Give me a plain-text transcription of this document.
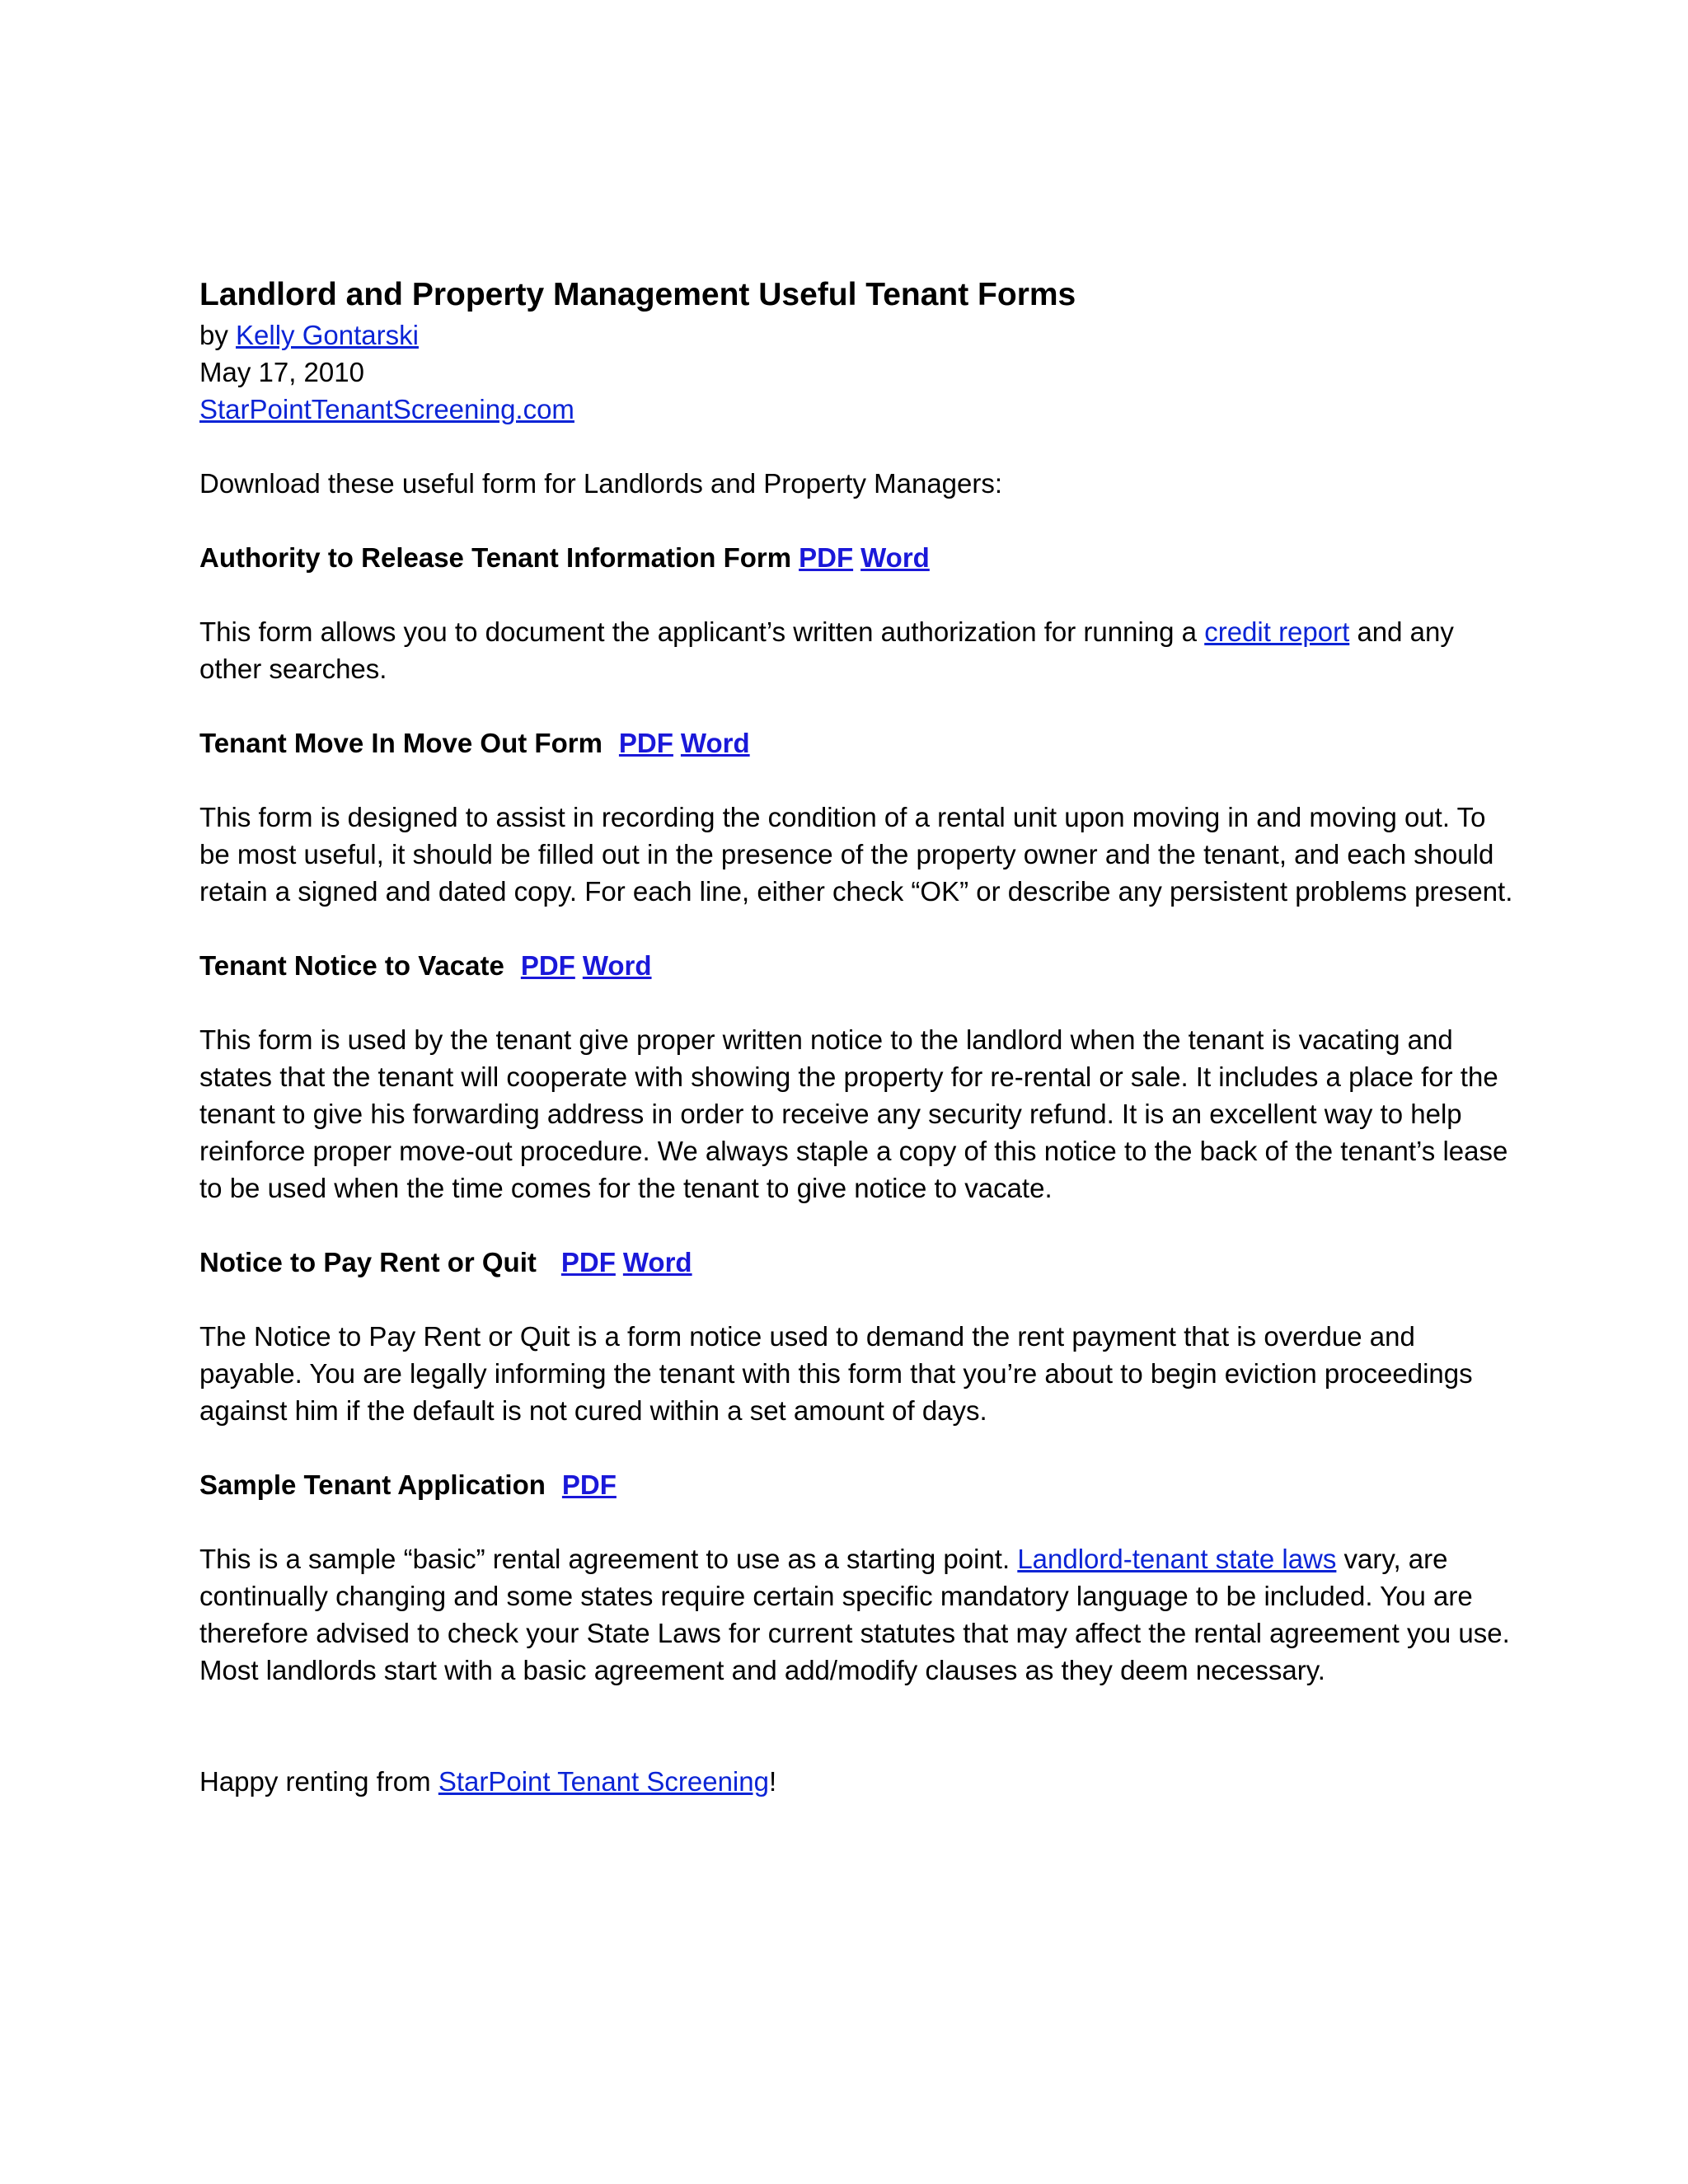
Landlord and Property Management Useful Tenant Forms

by Kelly Gontarski

May 17, 2010

StarPointTenantScreening.com

Download these useful form for Landlords and Property Managers:

Authority to Release Tenant Information Form PDF Word

This form allows you to document the applicant’s written authorization for running a credit report and any other searches.

Tenant Move In Move Out Form PDF Word

This form is designed to assist in recording the condition of a rental unit upon moving in and moving out. To be most useful, it should be filled out in the presence of the property owner and the tenant, and each should retain a signed and dated copy. For each line, either check “OK” or describe any persistent problems present.

Tenant Notice to Vacate PDF Word

This form is used by the tenant give proper written notice to the landlord when the tenant is vacating and states that the tenant will cooperate with showing the property for re-rental or sale. It includes a place for the tenant to give his forwarding address in order to receive any security refund. It is an excellent way to help reinforce proper move-out procedure. We always staple a copy of this notice to the back of the tenant’s lease to be used when the time comes for the tenant to give notice to vacate.

Notice to Pay Rent or Quit PDF Word

The Notice to Pay Rent or Quit is a form notice used to demand the rent payment that is overdue and payable. You are legally informing the tenant with this form that you’re about to begin eviction proceedings against him if the default is not cured within a set amount of days.

Sample Tenant Application PDF

This is a sample “basic” rental agreement to use as a starting point. Landlord-tenant state laws vary, are continually changing and some states require certain specific mandatory language to be included. You are therefore advised to check your State Laws for current statutes that may affect the rental agreement you use. Most landlords start with a basic agreement and add/modify clauses as they deem necessary.

Happy renting from StarPoint Tenant Screening!
